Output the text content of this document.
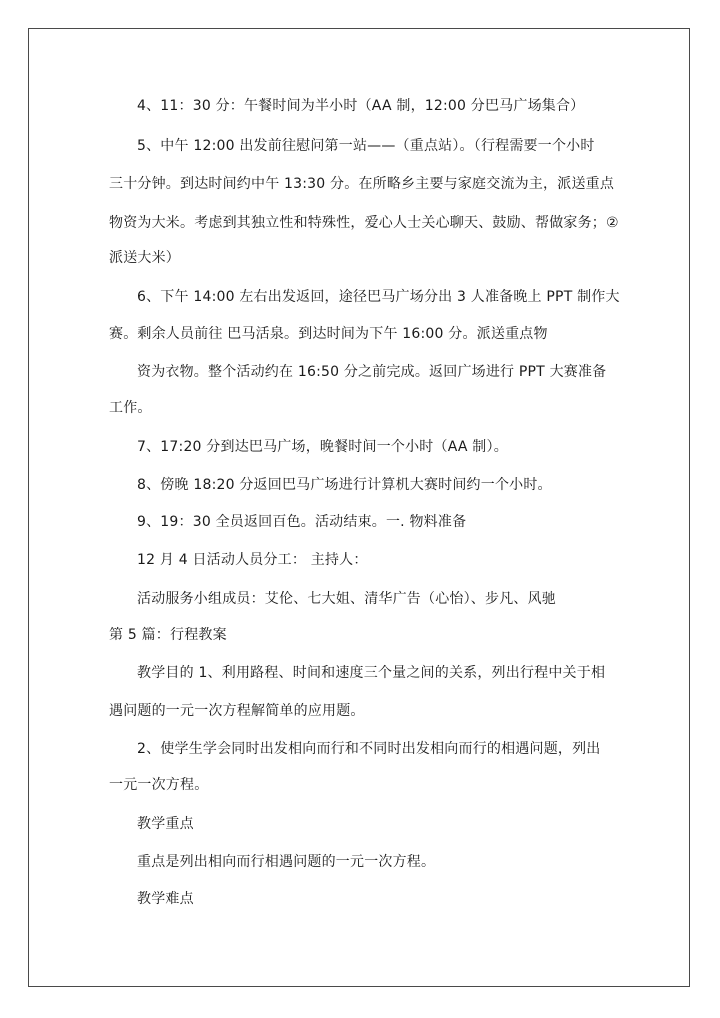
4、11：30 分：午餐时间为半小时（AA 制，12:00 分巴马广场集合）
5、中午 12:00 出发前往慰问第一站——（重点站）。（行程需要一个小时
三十分钟。到达时间约中午 13:30 分。在所略乡主要与家庭交流为主，派送重点
物资为大米。考虑到其独立性和特殊性，爱心人士关心聊天、鼓励、帮做家务；②
派送大米）
6、下午 14:00 左右出发返回，途径巴马广场分出 3 人准备晚上 PPT 制作大
赛。剩余人员前往 巴马活泉。到达时间为下午 16:00 分。派送重点物
资为衣物。整个活动约在 16:50 分之前完成。返回广场进行 PPT 大赛准备
工作。
7、17:20 分到达巴马广场，晚餐时间一个小时（AA 制）。
8、傍晚 18:20 分返回巴马广场进行计算机大赛时间约一个小时。
9、19：30 全员返回百色。活动结束。一. 物料准备
12 月 4 日活动人员分工： 主持人：
活动服务小组成员：艾伦、七大姐、清华广告（心怡）、步凡、风驰
第 5 篇：行程教案
教学目的 1、利用路程、时间和速度三个量之间的关系，列出行程中关于相
遇问题的一元一次方程解简单的应用题。
2、使学生学会同时出发相向而行和不同时出发相向而行的相遇问题，列出
一元一次方程。
教学重点
重点是列出相向而行相遇问题的一元一次方程。
教学难点
